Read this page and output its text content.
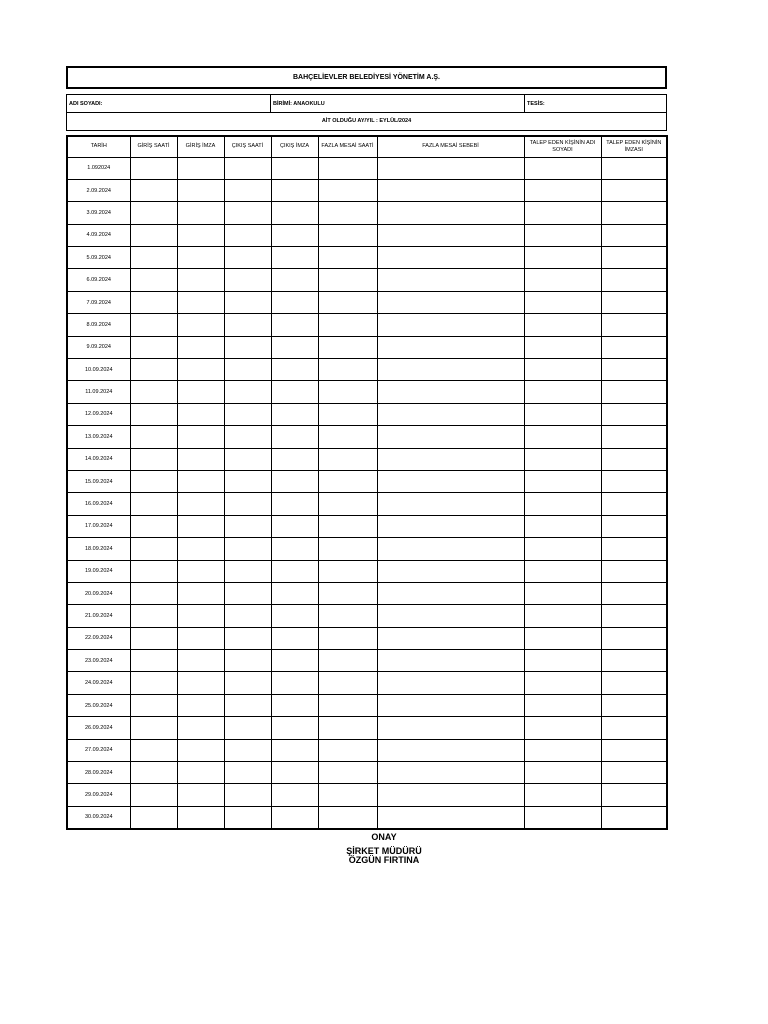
BAHÇELİEVLER BELEDİYESİ YÖNETİM A.Ş.
ADI SOYADI:	BİRİMİ: ANAOKULU	TESİS:
AİT OLDUĞU AY/YIL : EYLÜL/2024
TARİH	GİRİŞ SAATİ	GİRİŞ İMZA	ÇIKIŞ SAATİ	ÇIKIŞ İMZA	FAZLA MESAİ SAATİ	FAZLA MESAİ SEBEBİ	TALEP EDEN KİŞİNİN ADI SOYADI	TALEP EDEN KİŞİNİN İMZASI
1.092024								
2.09.2024								
3.09.2024								
4.09.2024								
5.09.2024								
6.09.2024								
7.09.2024								
8.09.2024								
9.09.2024								
10.09.2024								
11.09.2024								
12.09.2024								
13.09.2024								
14.09.2024								
15.09.2024								
16.09.2024								
17.09.2024								
18.09.2024								
19.09.2024								
20.09.2024								
21.09.2024								
22.09.2024								
23.09.2024								
24.09.2024								
25.09.2024								
26.09.2024								
27.09.2024								
28.09.2024								
29.09.2024								
30.09.2024								
ONAY
ŞİRKET MÜDÜRÜ
ÖZGÜN FIRTINA
